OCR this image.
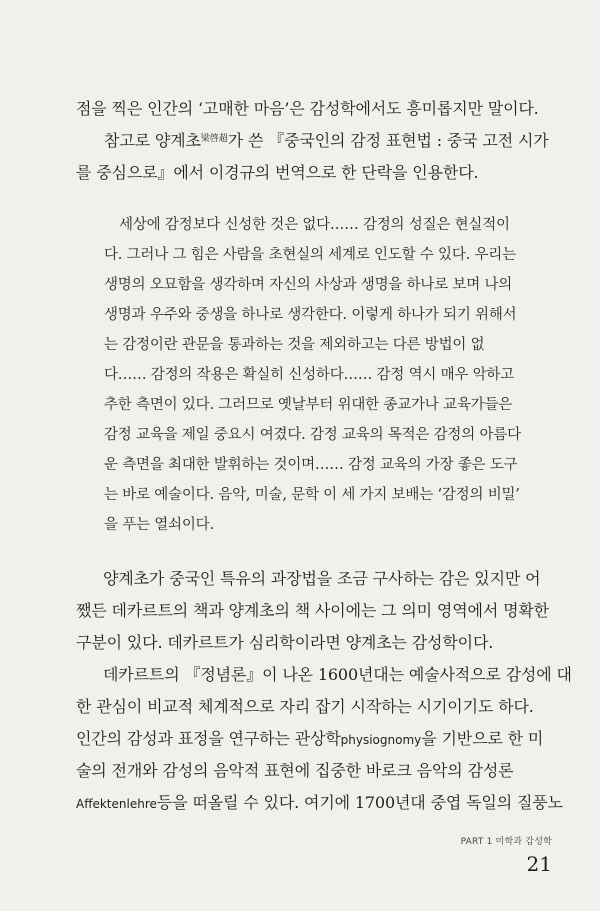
점을 찍은 인간의 ‘고매한 마음’은 감성학에서도 흥미롭지만 말이다.
참고로 양계초$^{梁啓超}$가 쓴 『중국인의 감정 표현법 : 중국 고전 시가
를 중심으로』에서 이경규의 번역으로 한 단락을 인용한다.
세상에 감정보다 신성한 것은 없다…… 감정의 성질은 현실적이
다. 그러나 그 힘은 사람을 초현실의 세계로 인도할 수 있다. 우리는
생명의 오묘함을 생각하며 자신의 사상과 생명을 하나로 보며 나의
생명과 우주와 중생을 하나로 생각한다. 이렇게 하나가 되기 위해서
는 감정이란 관문을 통과하는 것을 제외하고는 다른 방법이 없
다…… 감정의 작용은 확실히 신성하다…… 감정 역시 매우 악하고
추한 측면이 있다. 그러므로 옛날부터 위대한 종교가나 교육가들은
감정 교육을 제일 중요시 여겼다. 감정 교육의 목적은 감정의 아름다
운 측면을 최대한 발휘하는 것이며…… 감정 교육의 가장 좋은 도구
는 바로 예술이다. 음악, 미술, 문학 이 세 가지 보배는 ‘감정의 비밀’
을 푸는 열쇠이다.
양계초가 중국인 특유의 과장법을 조금 구사하는 감은 있지만 어
쨌든 데카르트의 책과 양계초의 책 사이에는 그 의미 영역에서 명확한
구분이 있다. 데카르트가 심리학이라면 양계초는 감성학이다.
데카르트의 『정념론』이 나온 1600년대는 예술사적으로 감성에 대
한 관심이 비교적 체계적으로 자리 잡기 시작하는 시기이기도 하다.
인간의 감성과 표정을 연구하는 관상학physiognomy을 기반으로 한 미
술의 전개와 감성의 음악적 표현에 집중한 바로크 음악의 감성론
Affektenlehre등을 떠올릴 수 있다. 여기에 1700년대 중엽 독일의 질풍노
PART 1 미학과 감성학
21
